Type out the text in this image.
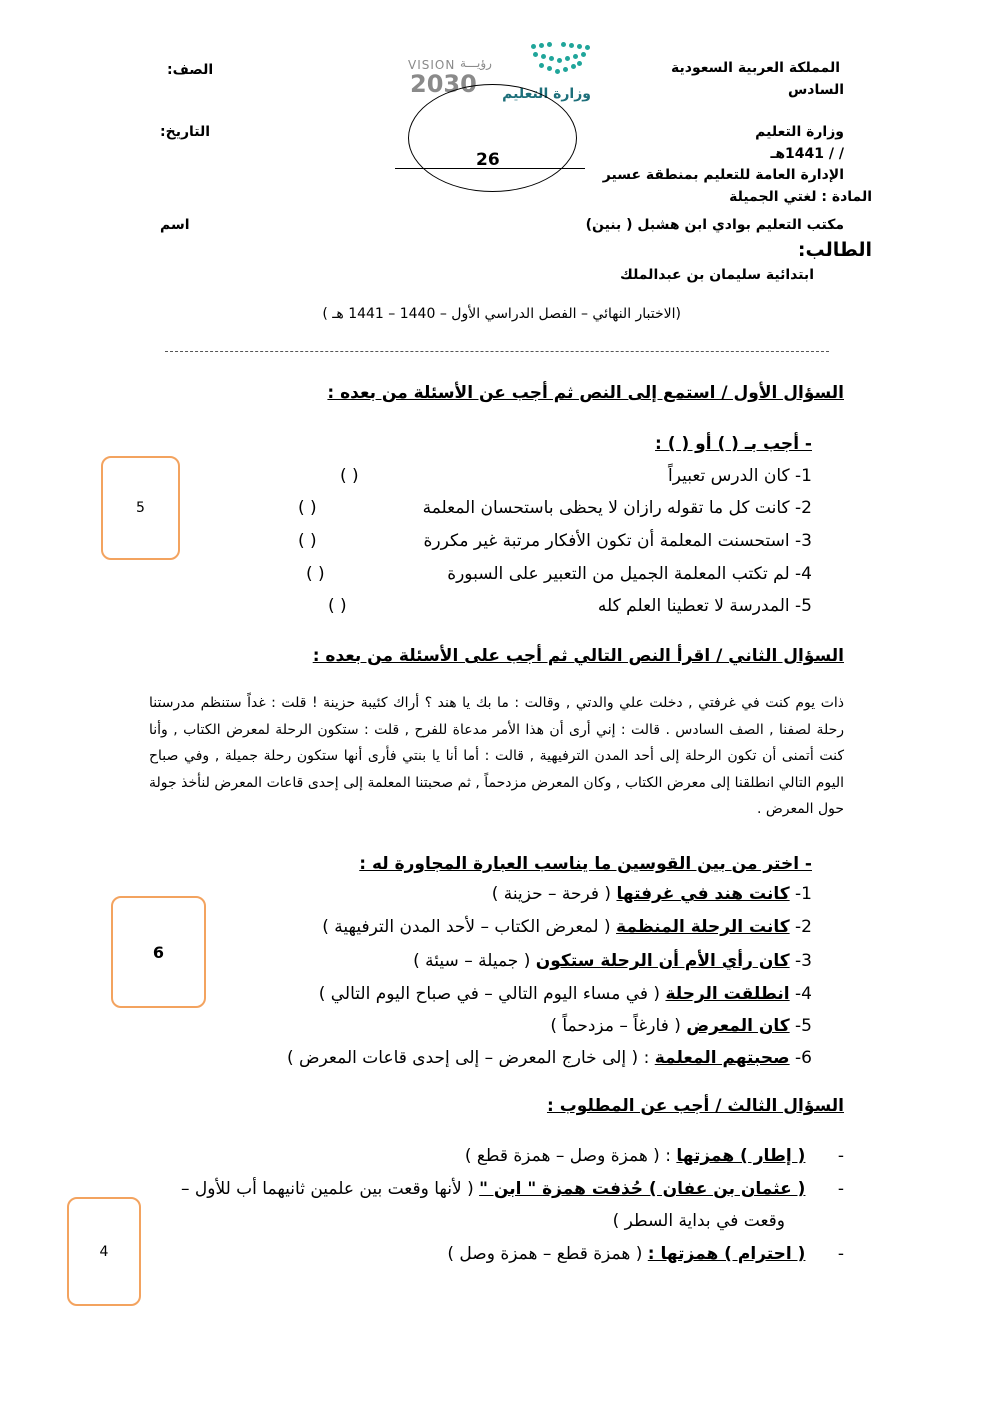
المملكة العربية السعودية
السادس
وزارة التعليم
/ / 1441هـ
الإدارة العامة للتعليم بمنطقة عسير
المادة : لغتي الجميلة
مكتب التعليم بوادي ابن هشبل ( بنين)
الطالب:
ابتدائية سليمان بن عبدالملك
الصف:
التاريخ:
اسم
VISION رؤيـــة
2030 وزارة التعليم
26
(الاختبار النهائي – الفصل الدراسي الأول – 1440 – 1441 هـ )
السؤال الأول / استمع إلى النص ثم أجب عن الأسئلة من بعده :
- أجب بـ ( ) أو ( ) :
1- كان الدرس تعبيراً
( )
2- كانت كل ما تقوله رازان لا يحظى باستحسان المعلمة
( )
3- استحسنت المعلمة أن تكون الأفكار مرتبة غير مكررة
( )
4- لم تكتب المعلمة الجميل من التعبير على السبورة
( )
5- المدرسة لا تعطينا العلم كله
( )
5
السؤال الثاني / اقرأ النص التالي ثم أجب على الأسئلة من بعده :
ذات يوم كنت في غرفتي , دخلت علي والدتي , وقالت : ما بك يا هند ؟ أراك كئيبة حزينة ! قلت : غداً ستنظم مدرستنا رحلة لصفنا , الصف السادس . قالت : إني أرى أن هذا الأمر مدعاة للفرح , قلت : ستكون الرحلة لمعرض الكتاب , وأنا كنت أتمنى أن تكون الرحلة إلى أحد المدن الترفيهية , قالت : أما أنا يا بنتي فأرى أنها ستكون رحلة جميلة , وفي صباح اليوم التالي انطلقنا إلى معرض الكتاب , وكان المعرض مزدحماً , ثم صحبتنا المعلمة إلى إحدى قاعات المعرض لنأخذ جولة حول المعرض .
- اختر من بين القوسين ما يناسب العبارة المجاورة له :
1- كانت هند في غرفتها ( فرحة – حزينة )
2- كانت الرحلة المنظمة ( لمعرض الكتاب – لأحد المدن الترفيهية )
3- كان رأي الأم أن الرحلة ستكون ( جميلة – سيئة )
4- انطلقت الرحلة ( في مساء اليوم التالي – في صباح اليوم التالي )
5- كان المعرض ( فارغاً – مزدحماً )
6- صحبتهم المعلمة : ( إلى خارج المعرض – إلى إحدى قاعات المعرض )
6
السؤال الثالث / أجب عن المطلوب :
-      ( إطار ) همزتها : ( همزة وصل – همزة قطع )
-      ( عثمان بن عفان ) حُذفت همزة " ابن " ( لأنها وقعت بين علمين ثانيهما أب للأول –
وقعت في بداية السطر )
-      ( احترام ) همزتها : ( همزة قطع – همزة وصل )
4
